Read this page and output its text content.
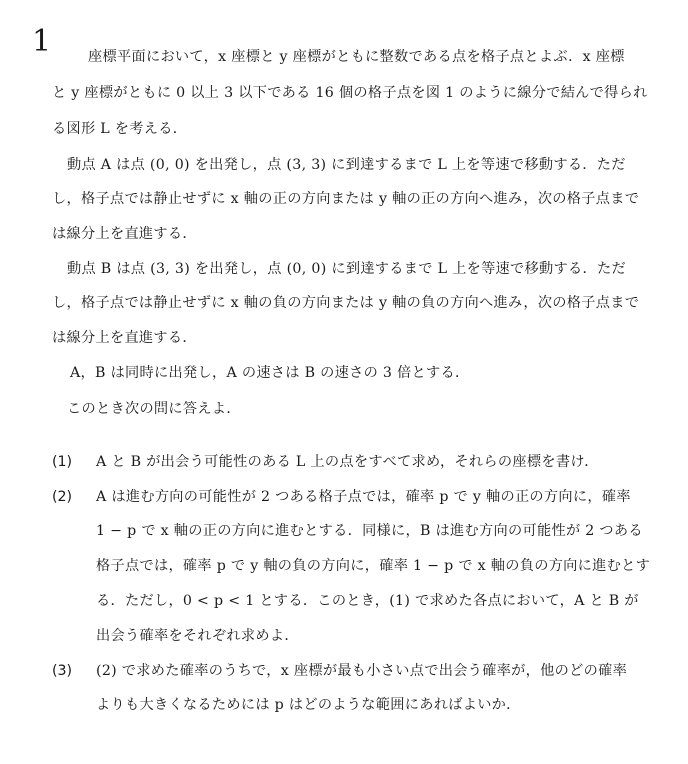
1	座標平面において，x 座標と y 座標がともに整数である点を格子点とよぶ．x 座標
と y 座標がともに 0 以上 3 以下である 16 個の格子点を図 1 のように線分で結んで得られ
る図形 L を考える．
動点 A は点 (0, 0) を出発し，点 (3, 3) に到達するまで L 上を等速で移動する．ただ
し，格子点では静止せずに x 軸の正の方向または y 軸の正の方向へ進み，次の格子点まで
は線分上を直進する．
動点 B は点 (3, 3) を出発し，点 (0, 0) に到達するまで L 上を等速で移動する．ただ
し，格子点では静止せずに x 軸の負の方向または y 軸の負の方向へ進み，次の格子点まで
は線分上を直進する．
A，B は同時に出発し，A の速さは B の速さの 3 倍とする．
このとき次の問に答えよ．
(1) A と B が出会う可能性のある L 上の点をすべて求め，それらの座標を書け．
(2) A は進む方向の可能性が 2 つある格子点では，確率 p で y 軸の正の方向に，確率
1 − p で x 軸の正の方向に進むとする．同様に，B は進む方向の可能性が 2 つある
格子点では，確率 p で y 軸の負の方向に，確率 1 − p で x 軸の負の方向に進むとす
る．ただし，0 < p < 1 とする．このとき，(1) で求めた各点において，A と B が
出会う確率をそれぞれ求めよ．
(3) (2) で求めた確率のうちで，x 座標が最も小さい点で出会う確率が，他のどの確率
よりも大きくなるためには p はどのような範囲にあればよいか．
